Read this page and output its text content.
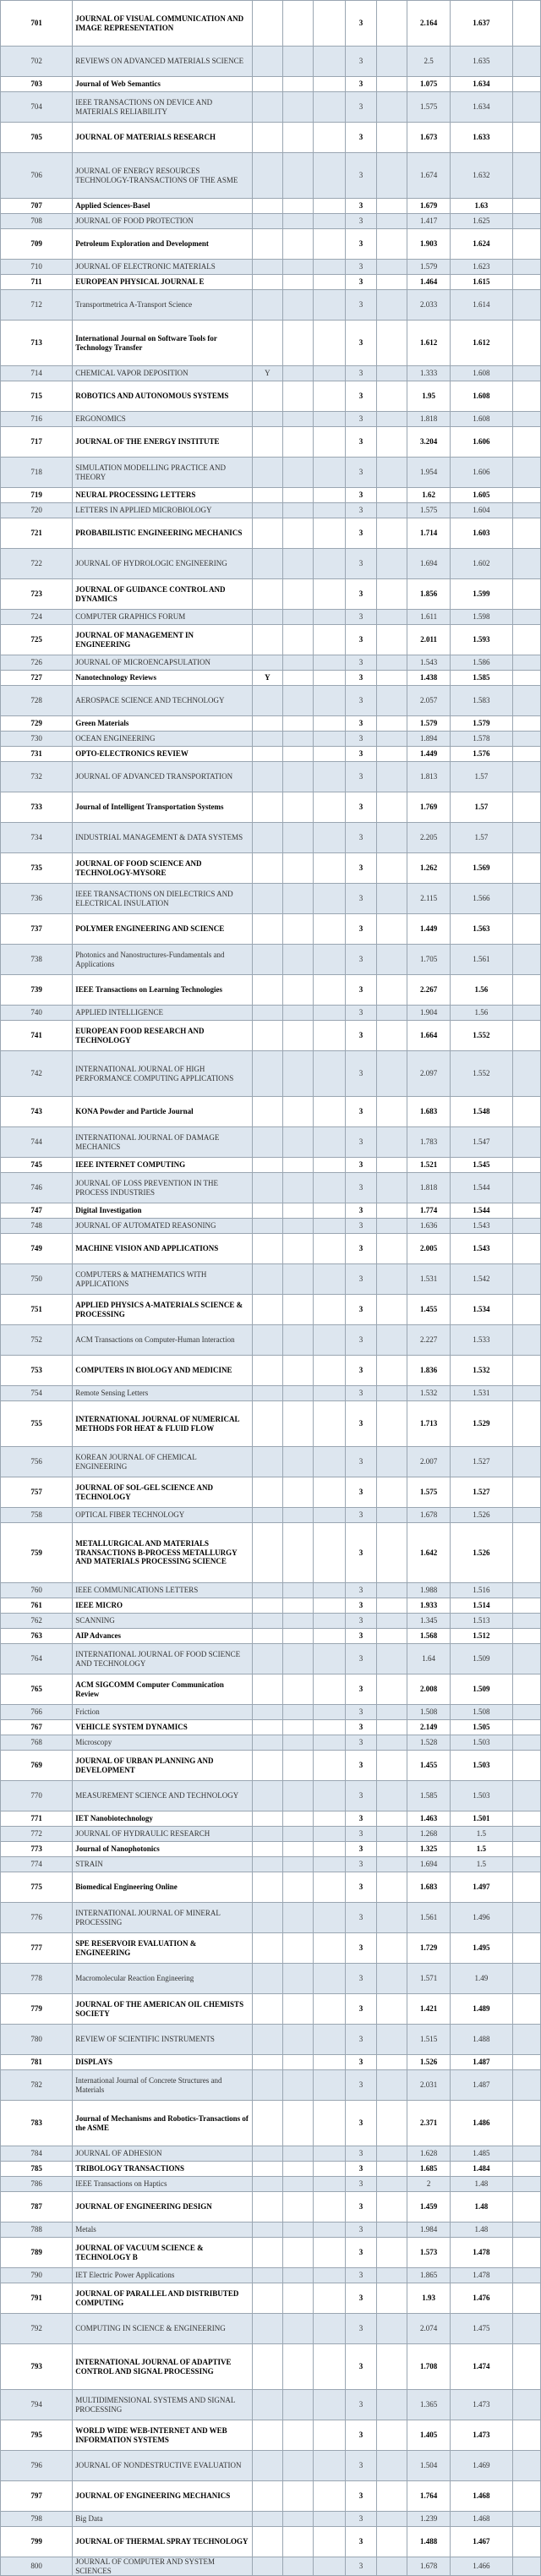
701	JOURNAL OF VISUAL COMMUNICATION AND IMAGE REPRESENTATION				3		2.164	1.637	
702	REVIEWS ON ADVANCED MATERIALS SCIENCE				3		2.5	1.635	
703	Journal of Web Semantics				3		1.075	1.634	
704	IEEE TRANSACTIONS ON DEVICE AND MATERIALS RELIABILITY				3		1.575	1.634	
705	JOURNAL OF MATERIALS RESEARCH				3		1.673	1.633	
706	JOURNAL OF ENERGY RESOURCES TECHNOLOGY-TRANSACTIONS OF THE ASME				3		1.674	1.632	
707	Applied Sciences-Basel				3		1.679	1.63	
708	JOURNAL OF FOOD PROTECTION				3		1.417	1.625	
709	Petroleum Exploration and Development				3		1.903	1.624	
710	JOURNAL OF ELECTRONIC MATERIALS				3		1.579	1.623	
711	EUROPEAN PHYSICAL JOURNAL E				3		1.464	1.615	
712	Transportmetrica A-Transport Science				3		2.033	1.614	
713	International Journal on Software Tools for Technology Transfer				3		1.612	1.612	
714	CHEMICAL VAPOR DEPOSITION	Y			3		1.333	1.608	
715	ROBOTICS AND AUTONOMOUS SYSTEMS				3		1.95	1.608	
716	ERGONOMICS				3		1.818	1.608	
717	JOURNAL OF THE ENERGY INSTITUTE				3		3.204	1.606	
718	SIMULATION MODELLING PRACTICE AND THEORY				3		1.954	1.606	
719	NEURAL PROCESSING LETTERS				3		1.62	1.605	
720	LETTERS IN APPLIED MICROBIOLOGY				3		1.575	1.604	
721	PROBABILISTIC ENGINEERING MECHANICS				3		1.714	1.603	
722	JOURNAL OF HYDROLOGIC ENGINEERING				3		1.694	1.602	
723	JOURNAL OF GUIDANCE CONTROL AND DYNAMICS				3		1.856	1.599	
724	COMPUTER GRAPHICS FORUM				3		1.611	1.598	
725	JOURNAL OF MANAGEMENT IN ENGINEERING				3		2.011	1.593	
726	JOURNAL OF MICROENCAPSULATION				3		1.543	1.586	
727	Nanotechnology Reviews	Y			3		1.438	1.585	
728	AEROSPACE SCIENCE AND TECHNOLOGY				3		2.057	1.583	
729	Green Materials				3		1.579	1.579	
730	OCEAN ENGINEERING				3		1.894	1.578	
731	OPTO-ELECTRONICS REVIEW				3		1.449	1.576	
732	JOURNAL OF ADVANCED TRANSPORTATION				3		1.813	1.57	
733	Journal of Intelligent Transportation Systems				3		1.769	1.57	
734	INDUSTRIAL MANAGEMENT & DATA SYSTEMS				3		2.205	1.57	
735	JOURNAL OF FOOD SCIENCE AND TECHNOLOGY-MYSORE				3		1.262	1.569	
736	IEEE TRANSACTIONS ON DIELECTRICS AND ELECTRICAL INSULATION				3		2.115	1.566	
737	POLYMER ENGINEERING AND SCIENCE				3		1.449	1.563	
738	Photonics and Nanostructures-Fundamentals and Applications				3		1.705	1.561	
739	IEEE Transactions on Learning Technologies				3		2.267	1.56	
740	APPLIED INTELLIGENCE				3		1.904	1.56	
741	EUROPEAN FOOD RESEARCH AND TECHNOLOGY				3		1.664	1.552	
742	INTERNATIONAL JOURNAL OF HIGH PERFORMANCE COMPUTING APPLICATIONS				3		2.097	1.552	
743	KONA Powder and Particle Journal				3		1.683	1.548	
744	INTERNATIONAL JOURNAL OF DAMAGE MECHANICS				3		1.783	1.547	
745	IEEE INTERNET COMPUTING				3		1.521	1.545	
746	JOURNAL OF LOSS PREVENTION IN THE PROCESS INDUSTRIES				3		1.818	1.544	
747	Digital Investigation				3		1.774	1.544	
748	JOURNAL OF AUTOMATED REASONING				3		1.636	1.543	
749	MACHINE VISION AND APPLICATIONS				3		2.005	1.543	
750	COMPUTERS & MATHEMATICS WITH APPLICATIONS				3		1.531	1.542	
751	APPLIED PHYSICS A-MATERIALS SCIENCE & PROCESSING				3		1.455	1.534	
752	ACM Transactions on Computer-Human Interaction				3		2.227	1.533	
753	COMPUTERS IN BIOLOGY AND MEDICINE				3		1.836	1.532	
754	Remote Sensing Letters				3		1.532	1.531	
755	INTERNATIONAL JOURNAL OF NUMERICAL METHODS FOR HEAT & FLUID FLOW				3		1.713	1.529	
756	KOREAN JOURNAL OF CHEMICAL ENGINEERING				3		2.007	1.527	
757	JOURNAL OF SOL-GEL SCIENCE AND TECHNOLOGY				3		1.575	1.527	
758	OPTICAL FIBER TECHNOLOGY				3		1.678	1.526	
759	METALLURGICAL AND MATERIALS TRANSACTIONS B-PROCESS METALLURGY AND MATERIALS PROCESSING SCIENCE				3		1.642	1.526	
760	IEEE COMMUNICATIONS LETTERS				3		1.988	1.516	
761	IEEE MICRO				3		1.933	1.514	
762	SCANNING				3		1.345	1.513	
763	AIP Advances				3		1.568	1.512	
764	INTERNATIONAL JOURNAL OF FOOD SCIENCE AND TECHNOLOGY				3		1.64	1.509	
765	ACM SIGCOMM Computer Communication Review				3		2.008	1.509	
766	Friction				3		1.508	1.508	
767	VEHICLE SYSTEM DYNAMICS				3		2.149	1.505	
768	Microscopy				3		1.528	1.503	
769	JOURNAL OF URBAN PLANNING AND DEVELOPMENT				3		1.455	1.503	
770	MEASUREMENT SCIENCE AND TECHNOLOGY				3		1.585	1.503	
771	IET Nanobiotechnology				3		1.463	1.501	
772	JOURNAL OF HYDRAULIC RESEARCH				3		1.268	1.5	
773	Journal of Nanophotonics				3		1.325	1.5	
774	STRAIN				3		1.694	1.5	
775	Biomedical Engineering Online				3		1.683	1.497	
776	INTERNATIONAL JOURNAL OF MINERAL PROCESSING				3		1.561	1.496	
777	SPE RESERVOIR EVALUATION & ENGINEERING				3		1.729	1.495	
778	Macromolecular Reaction Engineering				3		1.571	1.49	
779	JOURNAL OF THE AMERICAN OIL CHEMISTS SOCIETY				3		1.421	1.489	
780	REVIEW OF SCIENTIFIC INSTRUMENTS				3		1.515	1.488	
781	DISPLAYS				3		1.526	1.487	
782	International Journal of Concrete Structures and Materials				3		2.031	1.487	
783	Journal of Mechanisms and Robotics-Transactions of the ASME				3		2.371	1.486	
784	JOURNAL OF ADHESION				3		1.628	1.485	
785	TRIBOLOGY TRANSACTIONS				3		1.685	1.484	
786	IEEE Transactions on Haptics				3		2	1.48	
787	JOURNAL OF ENGINEERING DESIGN				3		1.459	1.48	
788	Metals				3		1.984	1.48	
789	JOURNAL OF VACUUM SCIENCE & TECHNOLOGY B				3		1.573	1.478	
790	IET Electric Power Applications				3		1.865	1.478	
791	JOURNAL OF PARALLEL AND DISTRIBUTED COMPUTING				3		1.93	1.476	
792	COMPUTING IN SCIENCE & ENGINEERING				3		2.074	1.475	
793	INTERNATIONAL JOURNAL OF ADAPTIVE CONTROL AND SIGNAL PROCESSING				3		1.708	1.474	
794	MULTIDIMENSIONAL SYSTEMS AND SIGNAL PROCESSING				3		1.365	1.473	
795	WORLD WIDE WEB-INTERNET AND WEB INFORMATION SYSTEMS				3		1.405	1.473	
796	JOURNAL OF NONDESTRUCTIVE EVALUATION				3		1.504	1.469	
797	JOURNAL OF ENGINEERING MECHANICS				3		1.764	1.468	
798	Big Data				3		1.239	1.468	
799	JOURNAL OF THERMAL SPRAY TECHNOLOGY				3		1.488	1.467	
800	JOURNAL OF COMPUTER AND SYSTEM SCIENCES				3		1.678	1.466	
